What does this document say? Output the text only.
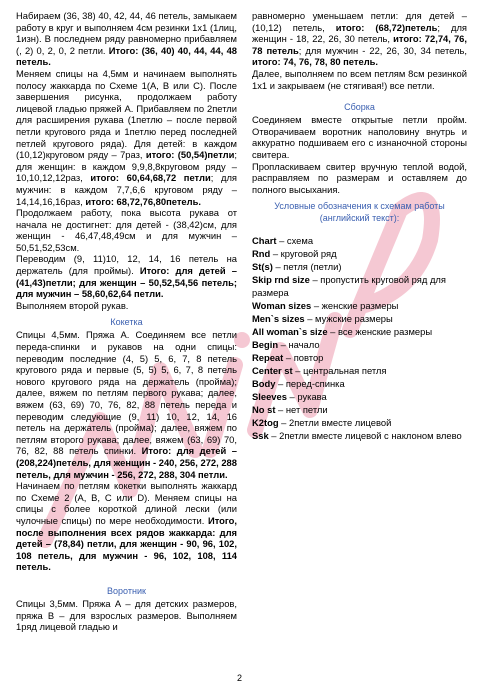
Набираем (36, 38) 40, 42, 44, 46 петель, замыкаем работу в круг и выполняем 4см резинки 1х1 (1лиц, 1изн). В последнем ряду равномерно прибавляем (, 2) 0, 2, 0, 2 петли. Итого: (36, 40) 40, 44, 44, 48 петель.

Меняем спицы на 4,5мм и начинаем выполнять полосу жаккарда по Схеме 1(A, B или C). После завершения рисунка, продолжаем работу лицевой гладью пряжей А. Прибавляем по 2петли для расширения рукава (1петлю – после первой петли кругового ряда и 1петлю перед последней петлей кругового ряда). Для детей: в каждом (10,12)круговом ряду – 7раз, итого: (50,54)петли; для женщин: в каждом 9,9,8,8круговом ряду – 10,10,12,12раз, итого: 60,64,68,72 петли; для мужчин: в каждом 7,7,6,6 круговом ряду – 14,14,16,16раз, итого: 68,72,76,80петель.

Продолжаем работу, пока высота рукава от начала не достигнет: для детей - (38,42)см, для женщин - 46,47,48,49см и для мужчин – 50,51,52,53см.

Переводим (9, 11)10, 12, 14, 16 петель на держатель (для проймы). Итого: для детей – (41,43)петли; для женщин – 50,52,54,56 петель; для мужчин – 58,60,62,64 петли.

Выполняем второй рукав.

Кокетка

Спицы 4,5мм. Пряжа А. Соединяем все петли переда-спинки и рукавов на одни спицы: переводим последние (4, 5) 5, 6, 7, 8 петель кругового ряда и первые (5, 5) 5, 6, 7, 8 петель нового кругового ряда на держатель (пройма); далее, вяжем по петлям первого рукава; далее, вяжем (63, 69) 70, 76, 82, 88 петель переда и переводим следующие (9, 11) 10, 12, 14, 16 петель на держатель (пройма); далее, вяжем по петлям второго рукава; далее, вяжем (63, 69) 70, 76, 82, 88 петель спинки. Итого: для детей – (208,224)петель, для женщин - 240, 256, 272, 288 петель, для мужчин - 256, 272, 288, 304 петли.

Начинаем по петлям кокетки выполнять жаккард по Схеме 2 (A, B, C или D). Меняем спицы на спицы с более короткой длиной лески (или чулочные спицы) по мере необходимости. Итого, после выполнения всех рядов жаккарда: для детей – (78,84) петли, для женщин - 90, 96, 102, 108 петель, для мужчин - 96, 102, 108, 114 петель.

Воротник

Спицы 3,5мм. Пряжа А – для детских размеров, пряжа В – для взрослых размеров. Выполняем 1ряд лицевой гладью и

равномерно уменьшаем петли: для детей – (10,12) петель, итого: (68,72)петель; для женщин - 18, 22, 26, 30 петель, итого: 72,74, 76, 78 петель; для мужчин - 22, 26, 30, 34 петель, итого: 74, 76, 78, 80 петель.

Далее, выполняем по всем петлям 8см резинкой 1х1 и закрываем (не стягивая!) все петли.

Сборка

Соединяем вместе открытые петли пройм. Отворачиваем воротник наполовину внутрь и аккуратно подшиваем его с изнаночной стороны свитера.

Пропласкиваем свитер вручную теплой водой, расправляем по размерам и оставляем до полного высыхания.

Условные обозначения к схемам работы
(английский текст):

Chart – схема

Rnd – круговой ряд

St(s) – петля (петли)

Skip rnd size – пропустить круговой ряд для размера

Woman sizes – женские размеры

Men`s sizes – мужские размеры

All woman`s size – все женские размеры

Begin – начало

Repeat – повтор

Center st – центральная петля

Body – перед-спинка

Sleeves – рукава

No st – нет петли

K2tog – 2петли вместе лицевой

Ssk – 2петли вместе лицевой с наклоном влево

2
